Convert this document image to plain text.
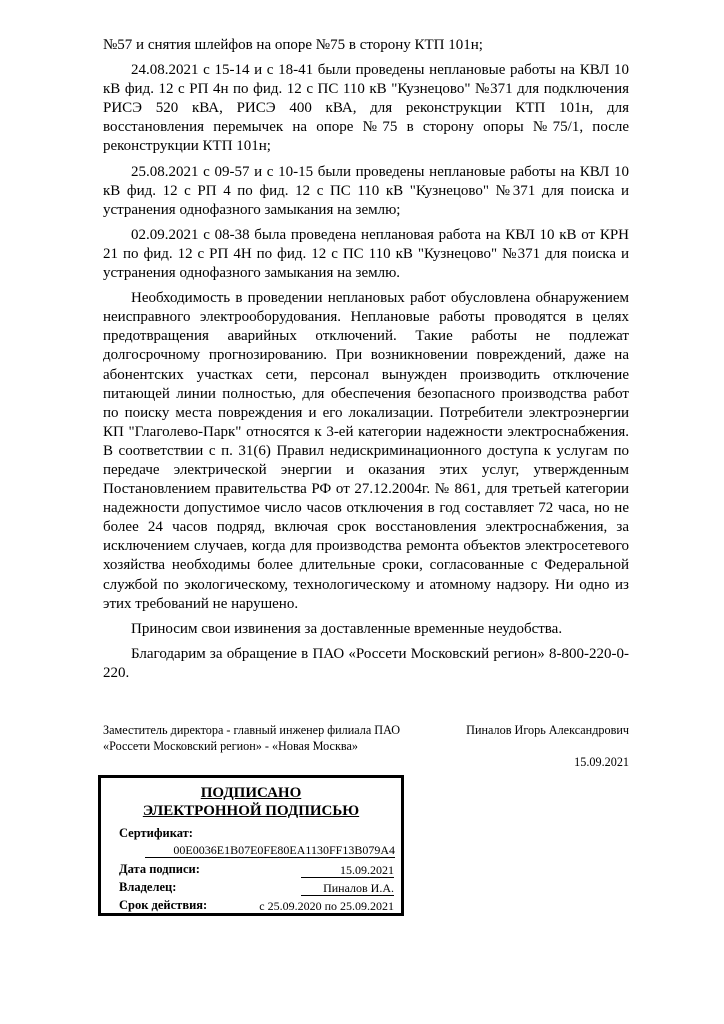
№57 и снятия шлейфов на опоре №75 в сторону КТП 101н;

24.08.2021 с 15-14 и с 18-41 были проведены неплановые работы на КВЛ 10 кВ фид. 12 с РП 4н по фид. 12 с ПС 110 кВ "Кузнецово" №371 для подключения РИСЭ 520 кВА, РИСЭ 400 кВА, для реконструкции КТП 101н, для восстановления перемычек на опоре №75 в сторону опоры №75/1, после реконструкции КТП 101н;

25.08.2021 с 09-57 и с 10-15 были проведены неплановые работы на КВЛ 10 кВ фид. 12 с РП 4 по фид. 12 с ПС 110 кВ "Кузнецово" №371 для поиска и устранения однофазного замыкания на землю;

02.09.2021 с 08-38 была проведена неплановая работа на КВЛ 10 кВ от КРН 21 по фид. 12 с РП 4Н по фид. 12 с ПС 110 кВ "Кузнецово" №371 для поиска и устранения однофазного замыкания на землю.

Необходимость в проведении неплановых работ обусловлена обнаружением неисправного электрооборудования. Неплановые работы проводятся в целях предотвращения аварийных отключений. Такие работы не подлежат долгосрочному прогнозированию. При возникновении повреждений, даже на абонентских участках сети, персонал вынужден производить отключение питающей линии полностью, для обеспечения безопасного производства работ по поиску места повреждения и его локализации. Потребители электроэнергии КП "Глаголево-Парк" относятся к 3-ей категории надежности электроснабжения. В соответствии с п. 31(6) Правил недискриминационного доступа к услугам по передаче электрической энергии и оказания этих услуг, утвержденным Постановлением правительства РФ от 27.12.2004г. № 861, для третьей категории надежности допустимое число часов отключения в год составляет 72 часа, но не более 24 часов подряд, включая срок восстановления электроснабжения, за исключением случаев, когда для производства ремонта объектов электросетевого хозяйства необходимы более длительные сроки, согласованные с Федеральной службой по экологическому, технологическому и атомному надзору. Ни одно из этих требований не нарушено.

Приносим свои извинения за доставленные временные неудобства.

Благодарим за обращение в ПАО «Россети Московский регион» 8-800-220-0-220.

Заместитель директора - главный инженер филиала ПАО «Россети Московский регион» - «Новая Москва»
Пиналов Игорь Александрович
15.09.2021
ПОДПИСАНО
ЭЛЕКТРОННОЙ ПОДПИСЬЮ
Сертификат:
00E0036E1B07E0FE80EA1130FF13B079A4
Дата подписи:	15.09.2021
Владелец:	Пиналов И.А.
Срок действия:	с 25.09.2020 по 25.09.2021
